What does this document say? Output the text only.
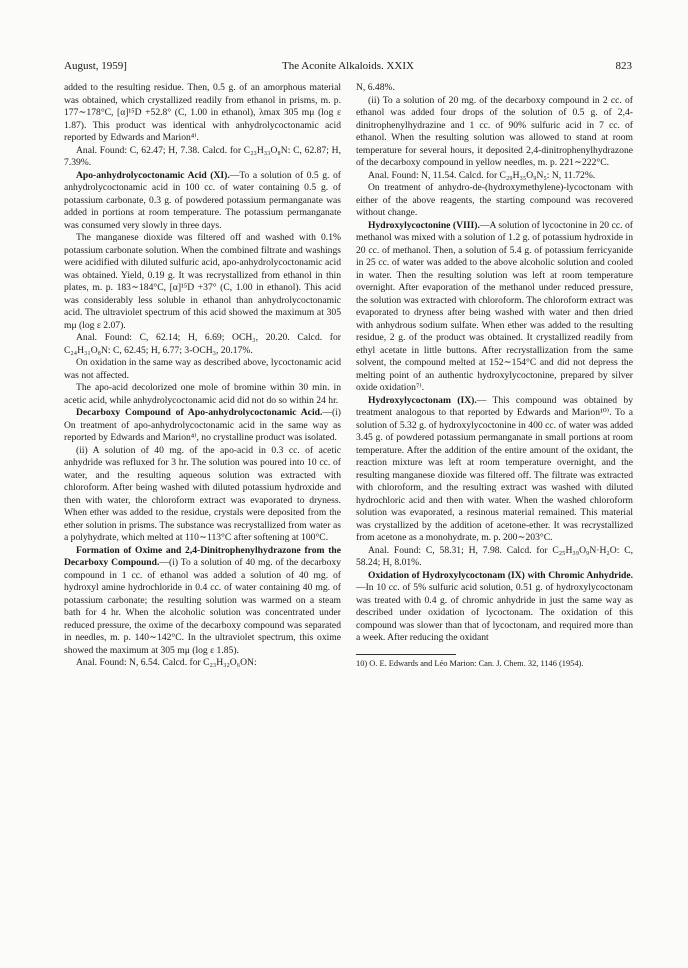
August, 1959]	The Aconite Alkaloids. XXIX	823

added to the resulting residue. Then, 0.5 g. of an amorphous material was obtained, which crystallized readily from ethanol in prisms, m. p. 177∼178°C, [α]¹⁵D +52.8° (C, 1.00 in ethanol), λmax 305 mμ (log ε 1.87). This product was identical with anhydrolycoctonamic acid reported by Edwards and Marion⁴⁾.

Anal. Found: C, 62.47; H, 7.38. Calcd. for C₂₃H₃₃O₈N: C, 62.87; H, 7.39%.

Apo-anhydrolycoctonamic Acid (XI).—To a solution of 0.5 g. of anhydrolycoctonamic acid in 100 cc. of water containing 0.5 g. of potassium carbonate, 0.3 g. of powdered potassium permanganate was added in portions at room temperature. The potassium permanganate was consumed very slowly in three days.

The manganese dioxide was filtered off and washed with 0.1% potassium carbonate solution. When the combined filtrate and washings were acidified with diluted sulfuric acid, apo-anhydrolycoctonamic acid was obtained. Yield, 0.19 g. It was recrystallized from ethanol in thin plates, m. p. 183∼184°C, [α]¹⁵D +37° (C, 1.00 in ethanol). This acid was considerably less soluble in ethanol than anhydrolycoctonamic acid. The ultraviolet spectrum of this acid showed the maximum at 305 mμ (log ε 2.07).

Anal. Found: C, 62.14; H, 6.69; OCH₃, 20.20. Calcd. for C₂₄H₃₁O₈N: C, 62.45; H, 6.77; 3-OCH₃, 20.17%.

On oxidation in the same way as described above, lycoctonamic acid was not affected.

The apo-acid decolorized one mole of bromine within 30 min. in acetic acid, while anhydrolycoctonamic acid did not do so within 24 hr.

Decarboxy Compound of Apo-anhydrolycoctonamic Acid.—(i) On treatment of apo-anhydrolycoctonamic acid in the same way as reported by Edwards and Marion⁴⁾, no crystalline product was isolated.

(ii) A solution of 40 mg. of the apo-acid in 0.3 cc. of acetic anhydride was refluxed for 3 hr. The solution was poured into 10 cc. of water, and the resulting aqueous solution was extracted with chloroform. After being washed with diluted potassium hydroxide and then with water, the chloroform extract was evaporated to dryness. When ether was added to the residue, crystals were deposited from the ether solution in prisms. The substance was recrystallized from water as a polyhydrate, which melted at 110∼113°C after softening at 100°C.

Formation of Oxime and 2,4-Dinitrophenylhydrazone from the Decarboxy Compound.—(i) To a solution of 40 mg. of the decarboxy compound in 1 cc. of ethanol was added a solution of 40 mg. of hydroxyl amine hydrochloride in 0.4 cc. of water containing 40 mg. of potassium carbonate; the resulting solution was warmed on a steam bath for 4 hr. When the alcoholic solution was concentrated under reduced pressure, the oxime of the decarboxy compound was separated in needles, m. p. 140∼142°C. In the ultraviolet spectrum, this oxime showed the maximum at 305 mμ (log ε 1.85).

Anal. Found: N, 6.54. Calcd. for C₂₃H₃₂O₆ON:

N, 6.48%.

(ii) To a solution of 20 mg. of the decarboxy compound in 2 cc. of ethanol was added four drops of the solution of 0.5 g. of 2,4-dinitrophenylhydrazine and 1 cc. of 90% sulfuric acid in 7 cc. of ethanol. When the resulting solution was allowed to stand at room temperature for several hours, it deposited 2,4-dinitrophenylhydrazone of the decarboxy compound in yellow needles, m. p. 221∼222°C.

Anal. Found: N, 11.54. Calcd. for C₂₉H₃₅O₉N₅: N, 11.72%.

On treatment of anhydro-de-(hydroxymethylene)-lycoctonam with either of the above reagents, the starting compound was recovered without change.

Hydroxylycoctonine (VIII).—A solution of lycoctonine in 20 cc. of methanol was mixed with a solution of 1.2 g. of potassium hydroxide in 20 cc. of methanol. Then, a solution of 5.4 g. of potassium ferricyanide in 25 cc. of water was added to the above alcoholic solution and cooled in water. Then the resulting solution was left at room temperature overnight. After evaporation of the methanol under reduced pressure, the solution was extracted with chloroform. The chloroform extract was evaporated to dryness after being washed with water and then dried with anhydrous sodium sulfate. When ether was added to the resulting residue, 2 g. of the product was obtained. It crystallized readily from ethyl acetate in little buttons. After recrystallization from the same solvent, the compound melted at 152∼154°C and did not depress the melting point of an authentic hydroxylycoctonine, prepared by silver oxide oxidation⁷⁾.

Hydroxylycoctonam (IX).— This compound was obtained by treatment analogous to that reported by Edwards and Marion¹⁰⁾. To a solution of 5.32 g. of hydroxylycoctonine in 400 cc. of water was added 3.45 g. of powdered potassium permanganate in small portions at room temperature. After the addition of the entire amount of the oxidant, the reaction mixture was left at room temperature overnight, and the resulting manganese dioxide was filtered off. The filtrate was extracted with chloroform, and the resulting extract was washed with diluted hydrochloric acid and then with water. When the washed chloroform solution was evaporated, a resinous material remained. This material was crystallized by the addition of acetone-ether. It was recrystallized from acetone as a monohydrate, m. p. 200∼203°C.

Anal. Found: C, 58.31; H, 7.98. Calcd. for C₂₅H₃₉O₉N·H₂O: C, 58.24; H, 8.01%.

Oxidation of Hydroxylycoctonam (IX) with Chromic Anhydride.—In 10 cc. of 5% sulfuric acid solution, 0.51 g. of hydroxylycoctonam was treated with 0.4 g. of chromic anhydride in just the same way as described under oxidation of lycoctonam. The oxidation of this compound was slower than that of lycoctonam, and required more than a week. After reducing the oxidant

10) O. E. Edwards and Léo Marion: Can. J. Chem. 32, 1146 (1954).
